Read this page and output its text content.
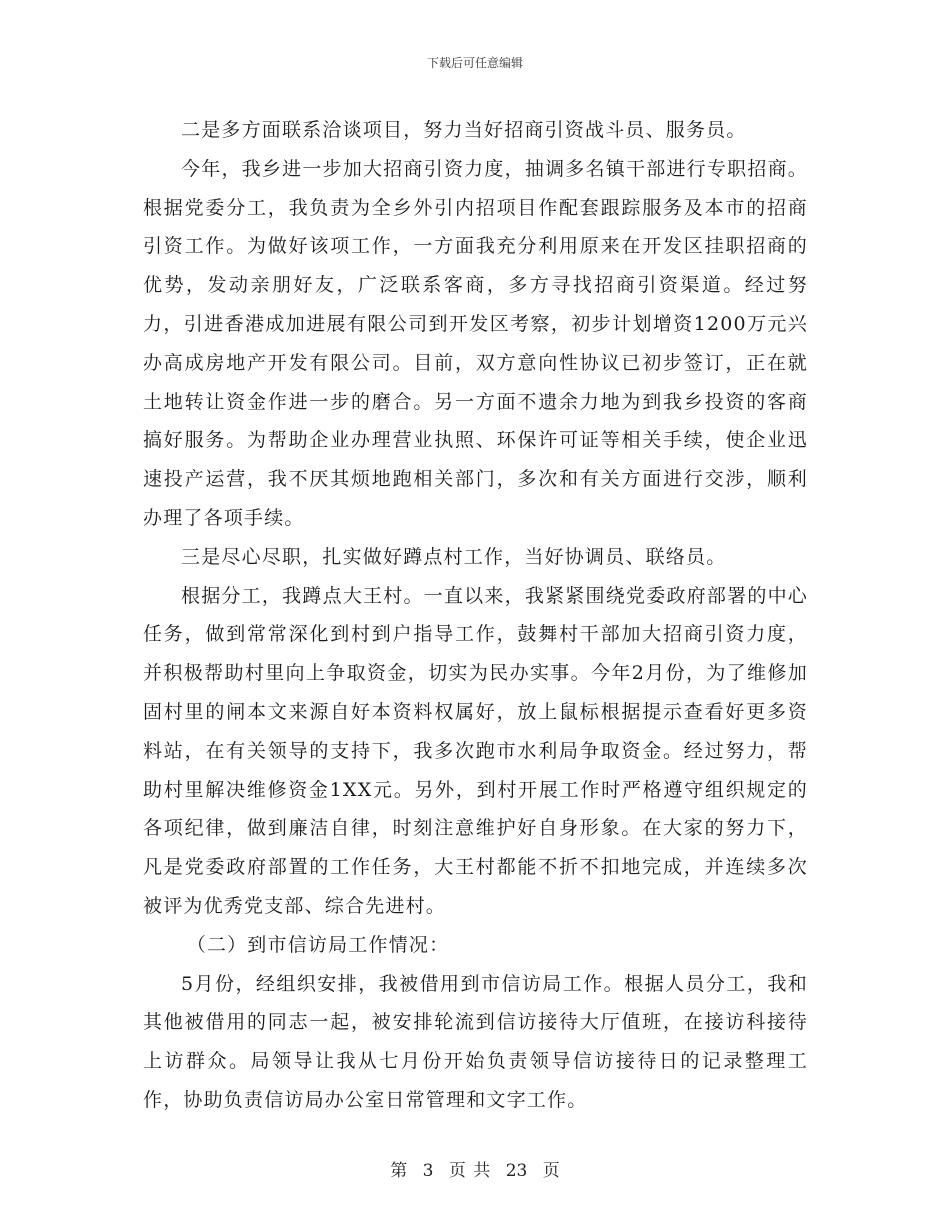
下载后可任意编辑

二是多方面联系洽谈项目，努力当好招商引资战斗员、服务员。

今年，我乡进一步加大招商引资力度，抽调多名镇干部进行专职招商。根据党委分工，我负责为全乡外引内招项目作配套跟踪服务及本市的招商引资工作。为做好该项工作，一方面我充分利用原来在开发区挂职招商的优势，发动亲朋好友，广泛联系客商，多方寻找招商引资渠道。经过努力，引进香港成加进展有限公司到开发区考察，初步计划增资1200万元兴办高成房地产开发有限公司。目前，双方意向性协议已初步签订，正在就土地转让资金作进一步的磨合。另一方面不遗余力地为到我乡投资的客商搞好服务。为帮助企业办理营业执照、环保许可证等相关手续，使企业迅速投产运营，我不厌其烦地跑相关部门，多次和有关方面进行交涉，顺利办理了各项手续。

三是尽心尽职，扎实做好蹲点村工作，当好协调员、联络员。

根据分工，我蹲点大王村。一直以来，我紧紧围绕党委政府部署的中心任务，做到常常深化到村到户指导工作，鼓舞村干部加大招商引资力度，并积极帮助村里向上争取资金，切实为民办实事。今年2月份，为了维修加固村里的闸本文来源自好本资料权属好，放上鼠标根据提示查看好更多资料站，在有关领导的支持下，我多次跑市水利局争取资金。经过努力，帮助村里解决维修资金1XX元。另外，到村开展工作时严格遵守组织规定的各项纪律，做到廉洁自律，时刻注意维护好自身形象。在大家的努力下，凡是党委政府部置的工作任务，大王村都能不折不扣地完成，并连续多次被评为优秀党支部、综合先进村。

（二）到市信访局工作情况：

5月份，经组织安排，我被借用到市信访局工作。根据人员分工，我和其他被借用的同志一起，被安排轮流到信访接待大厅值班，在接访科接待上访群众。局领导让我从七月份开始负责领导信访接待日的记录整理工作，协助负责信访局办公室日常管理和文字工作。

第 3 页 共 23 页
